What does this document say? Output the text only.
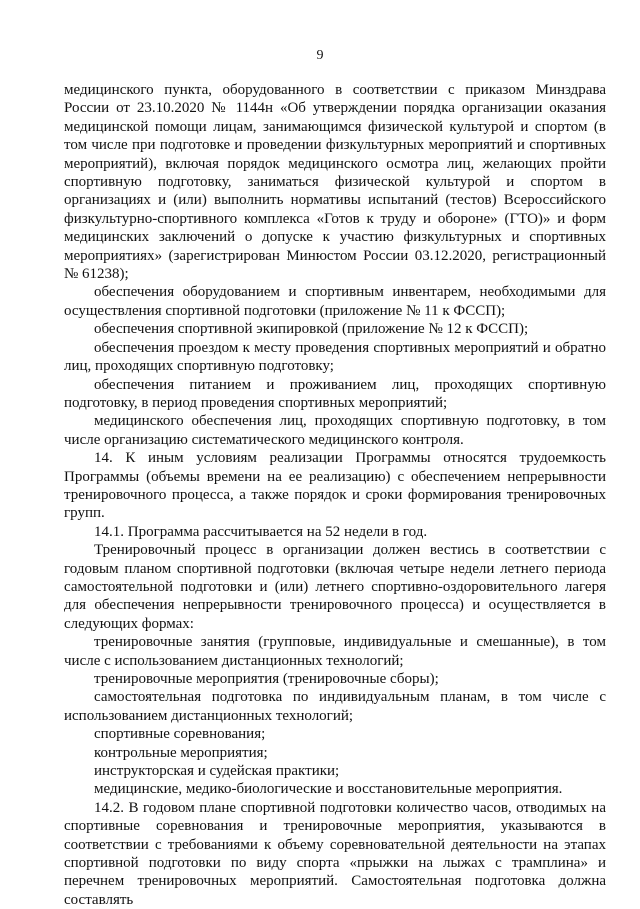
9

медицинского пункта, оборудованного в соответствии с приказом Минздрава России от 23.10.2020 № 1144н «Об утверждении порядка организации оказания медицинской помощи лицам, занимающимся физической культурой и спортом (в том числе при подготовке и проведении физкультурных мероприятий и спортивных мероприятий), включая порядок медицинского осмотра лиц, желающих пройти спортивную подготовку, заниматься физической культурой и спортом в организациях и (или) выполнить нормативы испытаний (тестов) Всероссийского физкультурно-спортивного комплекса «Готов к труду и обороне» (ГТО)» и форм медицинских заключений о допуске к участию физкультурных и спортивных мероприятиях» (зарегистрирован Минюстом России 03.12.2020, регистрационный № 61238);

обеспечения оборудованием и спортивным инвентарем, необходимыми для осуществления спортивной подготовки (приложение № 11 к ФССП);

обеспечения спортивной экипировкой (приложение № 12 к ФССП);

обеспечения проездом к месту проведения спортивных мероприятий и обратно лиц, проходящих спортивную подготовку;

обеспечения питанием и проживанием лиц, проходящих спортивную подготовку, в период проведения спортивных мероприятий;

медицинского обеспечения лиц, проходящих спортивную подготовку, в том числе организацию систематического медицинского контроля.

14. К иным условиям реализации Программы относятся трудоемкость Программы (объемы времени на ее реализацию) с обеспечением непрерывности тренировочного процесса, а также порядок и сроки формирования тренировочных групп.

14.1. Программа рассчитывается на 52 недели в год.

Тренировочный процесс в организации должен вестись в соответствии с годовым планом спортивной подготовки (включая четыре недели летнего периода самостоятельной подготовки и (или) летнего спортивно-оздоровительного лагеря для обеспечения непрерывности тренировочного процесса) и осуществляется в следующих формах:

тренировочные занятия (групповые, индивидуальные и смешанные), в том числе с использованием дистанционных технологий;

тренировочные мероприятия (тренировочные сборы);

самостоятельная подготовка по индивидуальным планам, в том числе с использованием дистанционных технологий;

спортивные соревнования;

контрольные мероприятия;

инструкторская и судейская практики;

медицинские, медико-биологические и восстановительные мероприятия.

14.2. В годовом плане спортивной подготовки количество часов, отводимых на спортивные соревнования и тренировочные мероприятия, указываются в соответствии с требованиями к объему соревновательной деятельности на этапах спортивной подготовки по виду спорта «прыжки на лыжах с трамплина» и перечнем тренировочных мероприятий. Самостоятельная подготовка должна составлять
